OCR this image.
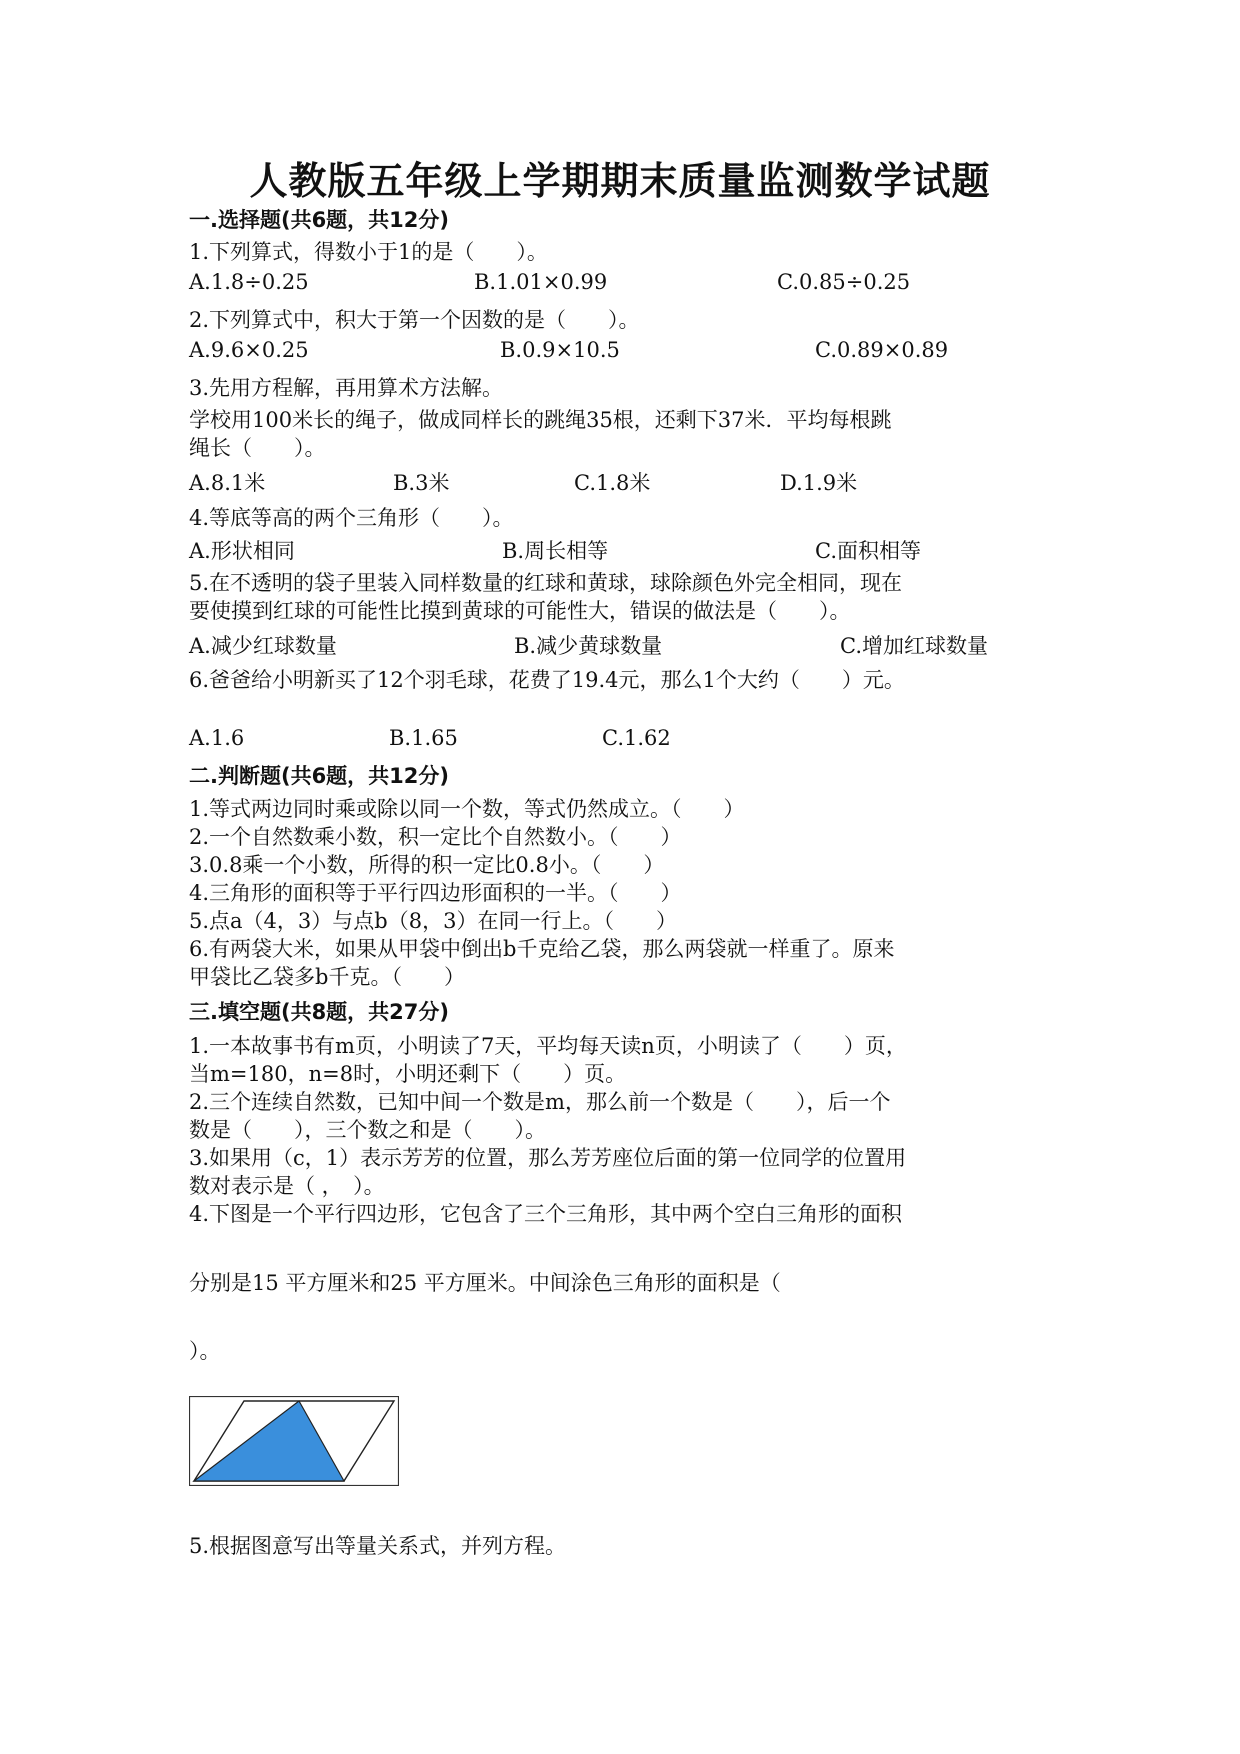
人教版五年级上学期期末质量监测数学试题
一.选择题(共6题，共12分)
1.下列算式，得数小于1的是（　　）。
A.1.8÷0.25	B.1.01×0.99	C.0.85÷0.25
2.下列算式中，积大于第一个因数的是（　　）。
A.9.6×0.25	B.0.9×10.5	C.0.89×0.89
3.先用方程解，再用算术方法解。
学校用100米长的绳子，做成同样长的跳绳35根，还剩下37米．平均每根跳
绳长（　　）。
A.8.1米	B.3米	C.1.8米	D.1.9米
4.等底等高的两个三角形（　　）。
A.形状相同	B.周长相等	C.面积相等
5.在不透明的袋子里装入同样数量的红球和黄球，球除颜色外完全相同，现在
要使摸到红球的可能性比摸到黄球的可能性大，错误的做法是（　　）。
A.减少红球数量	B.减少黄球数量	C.增加红球数量
6.爸爸给小明新买了12个羽毛球，花费了19.4元，那么1个大约（　　）元。
A.1.6	B.1.65	C.1.62
二.判断题(共6题，共12分)
1.等式两边同时乘或除以同一个数，等式仍然成立。（　　）
2.一个自然数乘小数，积一定比个自然数小。（　　）
3.0.8乘一个小数，所得的积一定比0.8小。（　　）
4.三角形的面积等于平行四边形面积的一半。（　　）
5.点a（4，3）与点b（8，3）在同一行上。（　　）
6.有两袋大米，如果从甲袋中倒出b千克给乙袋，那么两袋就一样重了。原来
甲袋比乙袋多b千克。（　　）
三.填空题(共8题，共27分)
1.一本故事书有m页，小明读了7天，平均每天读n页，小明读了（　　）页，
当m=180，n=8时，小明还剩下（　　）页。
2.三个连续自然数，已知中间一个数是m，那么前一个数是（　　），后一个
数是（　　），三个数之和是（　　）。
3.如果用（c，1）表示芳芳的位置，那么芳芳座位后面的第一位同学的位置用
数对表示是（ ，　）。
4.下图是一个平行四边形，它包含了三个三角形，其中两个空白三角形的面积
分别是15 平方厘米和25 平方厘米。中间涂色三角形的面积是（
）。
5.根据图意写出等量关系式，并列方程。
